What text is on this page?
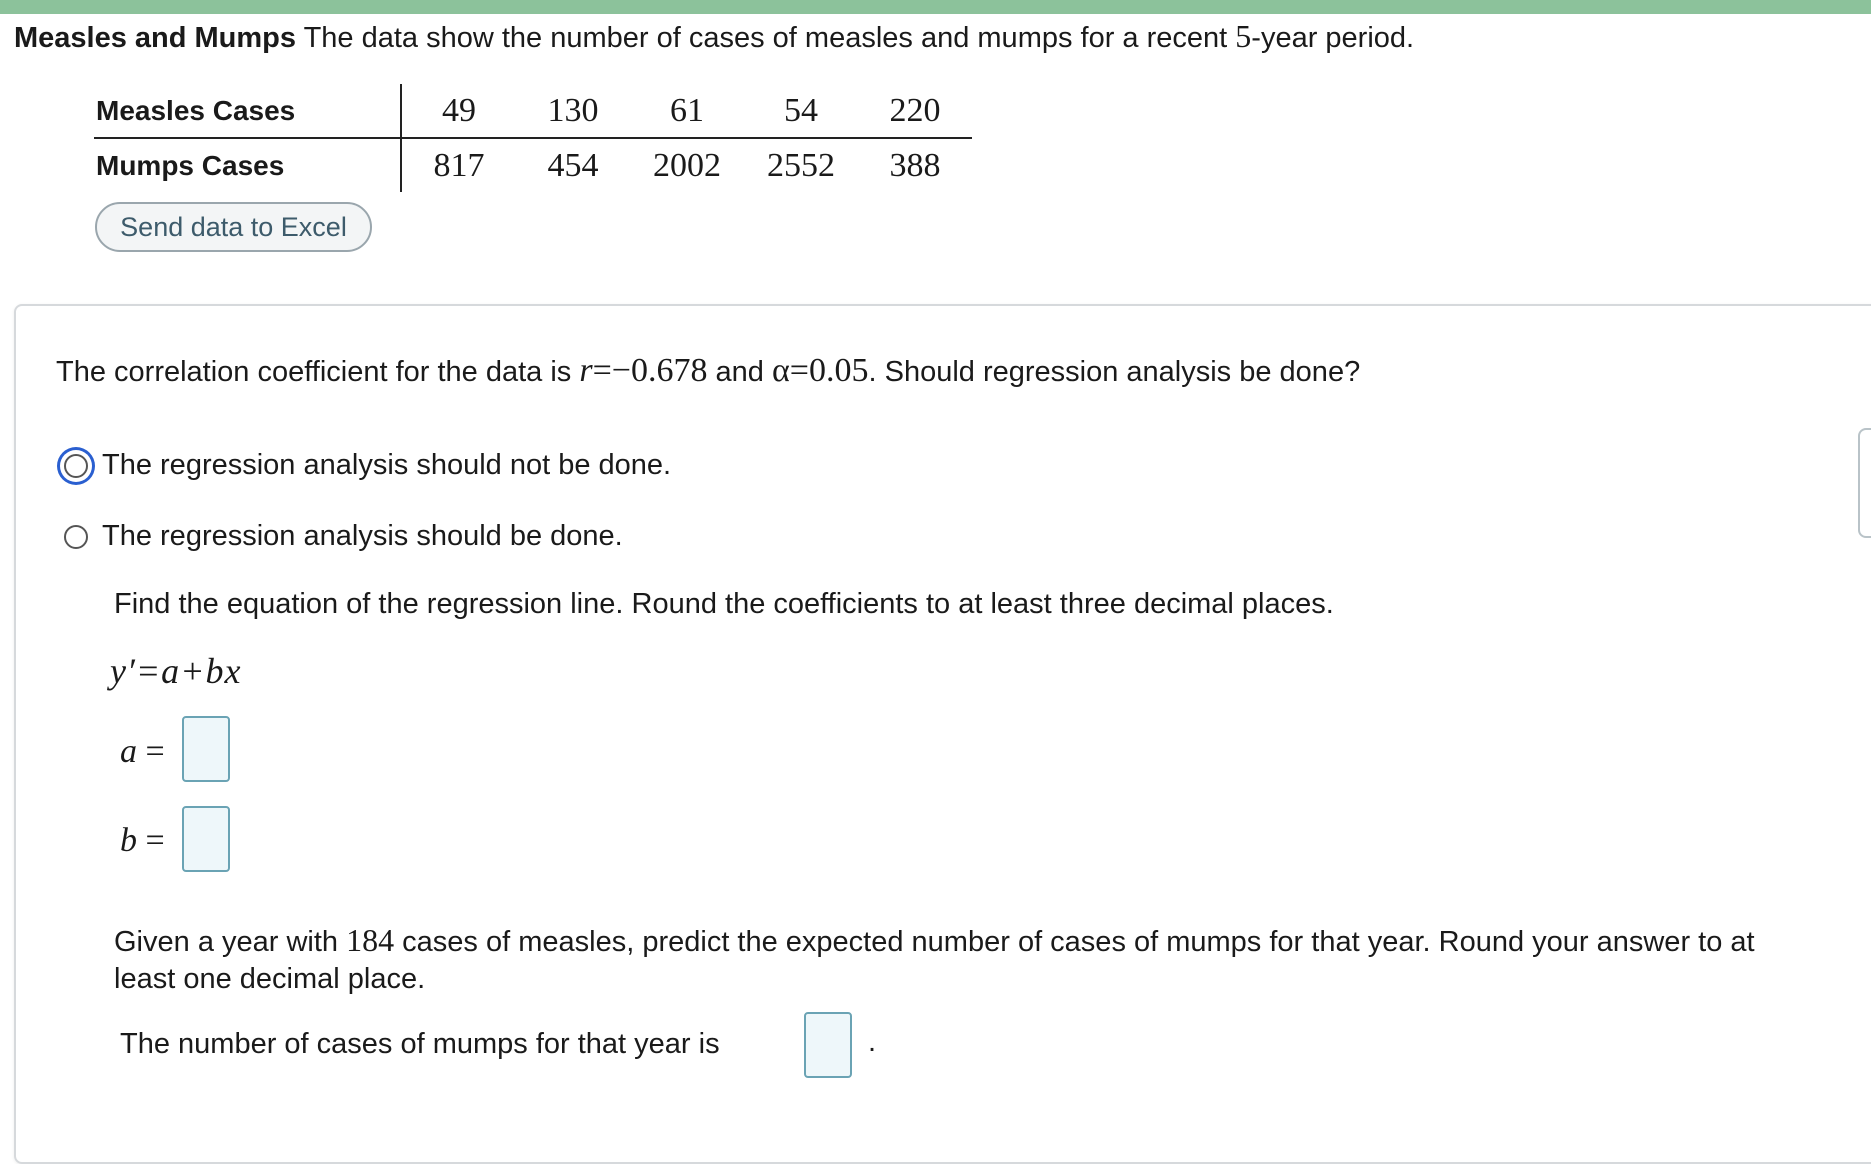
Measles and Mumps The data show the number of cases of measles and mumps for a recent 5-year period.
Measles Cases	49	130	61	54	220
Mumps Cases	817	454	2002	2552	388
Send data to Excel
The correlation coefficient for the data is r=−0.678 and α=0.05. Should regression analysis be done?
The regression analysis should not be done.
The regression analysis should be done.
Find the equation of the regression line. Round the coefficients to at least three decimal places.
y′=a+bx
a =
b =
Given a year with 184 cases of measles, predict the expected number of cases of mumps for that year. Round your answer to at least one decimal place.
The number of cases of mumps for that year is	.
